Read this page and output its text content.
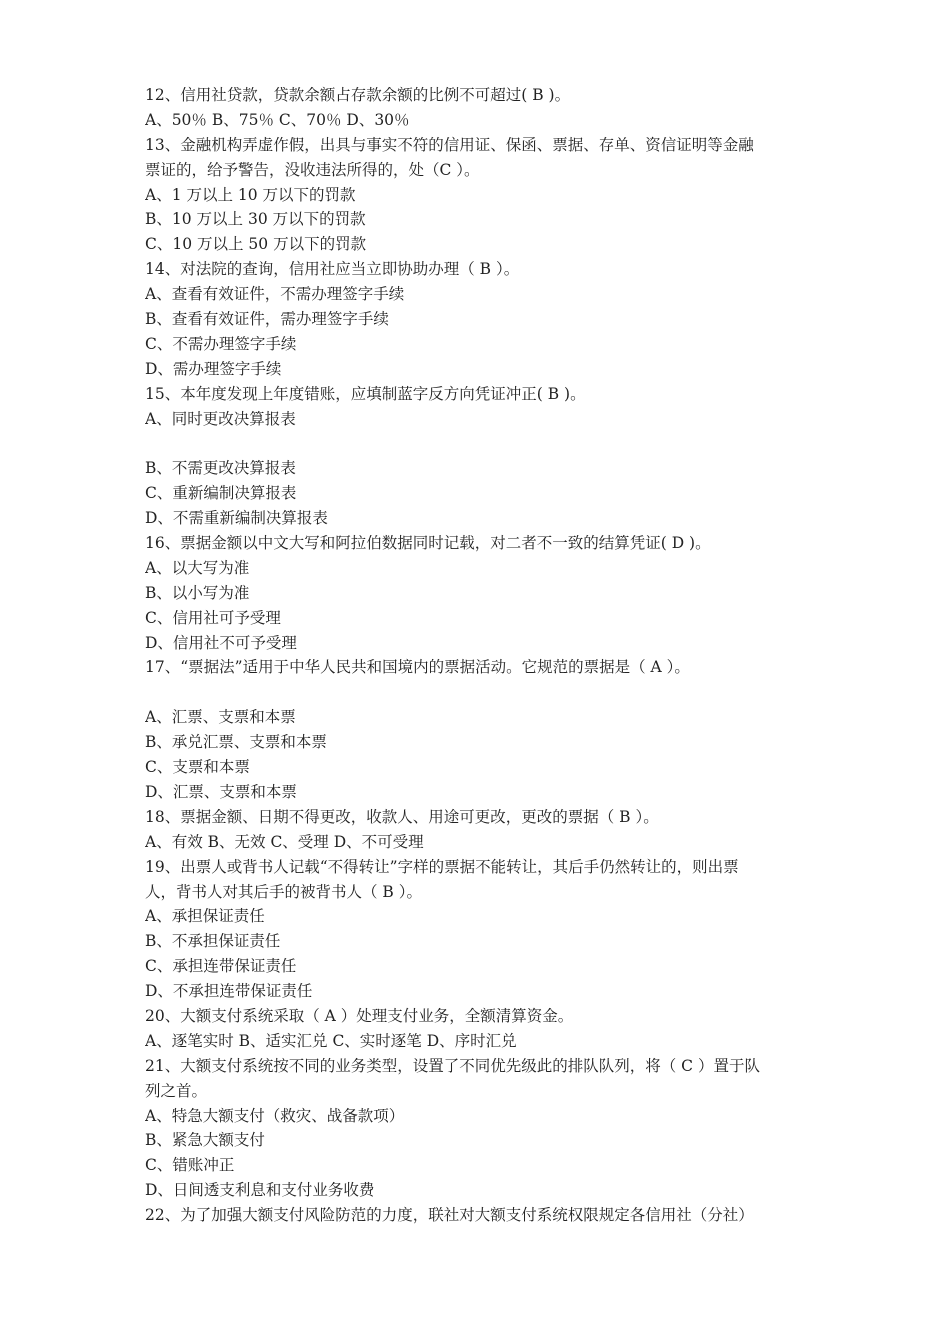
12、信用社贷款，贷款余额占存款余额的比例不可超过( B )。
A、50％ B、75％ C、70％ D、30％
13、金融机构弄虚作假，出具与事实不符的信用证、保函、票据、存单、资信证明等金融
票证的，给予警告，没收违法所得的，处（C ）。
A、1 万以上 10 万以下的罚款
B、10 万以上 30 万以下的罚款
C、10 万以上 50 万以下的罚款
14、对法院的查询，信用社应当立即协助办理（ B ）。
A、查看有效证件，不需办理签字手续
B、查看有效证件，需办理签字手续
C、不需办理签字手续
D、需办理签字手续
15、本年度发现上年度错账，应填制蓝字反方向凭证冲正( B )。
A、同时更改决算报表
B、不需更改决算报表
C、重新编制决算报表
D、不需重新编制决算报表
16、票据金额以中文大写和阿拉伯数据同时记载，对二者不一致的结算凭证( D )。
A、以大写为准
B、以小写为准
C、信用社可予受理
D、信用社不可予受理
17、“票据法”适用于中华人民共和国境内的票据活动。它规范的票据是（ A ）。
A、汇票、支票和本票
B、承兑汇票、支票和本票
C、支票和本票
D、汇票、支票和本票
18、票据金额、日期不得更改，收款人、用途可更改，更改的票据（ B ）。
A、有效 B、无效 C、受理 D、不可受理
19、出票人或背书人记载“不得转让”字样的票据不能转让，其后手仍然转让的，则出票
人，背书人对其后手的被背书人（ B ）。
A、承担保证责任
B、不承担保证责任
C、承担连带保证责任
D、不承担连带保证责任
20、大额支付系统采取（ A ）处理支付业务，全额清算资金。
A、逐笔实时 B、适实汇兑 C、实时逐笔 D、序时汇兑
21、大额支付系统按不同的业务类型，设置了不同优先级此的排队队列，将（ C ）置于队
列之首。
A、特急大额支付（救灾、战备款项）
B、紧急大额支付
C、错账冲正
D、日间透支利息和支付业务收费
22、为了加强大额支付风险防范的力度，联社对大额支付系统权限规定各信用社（分社）
